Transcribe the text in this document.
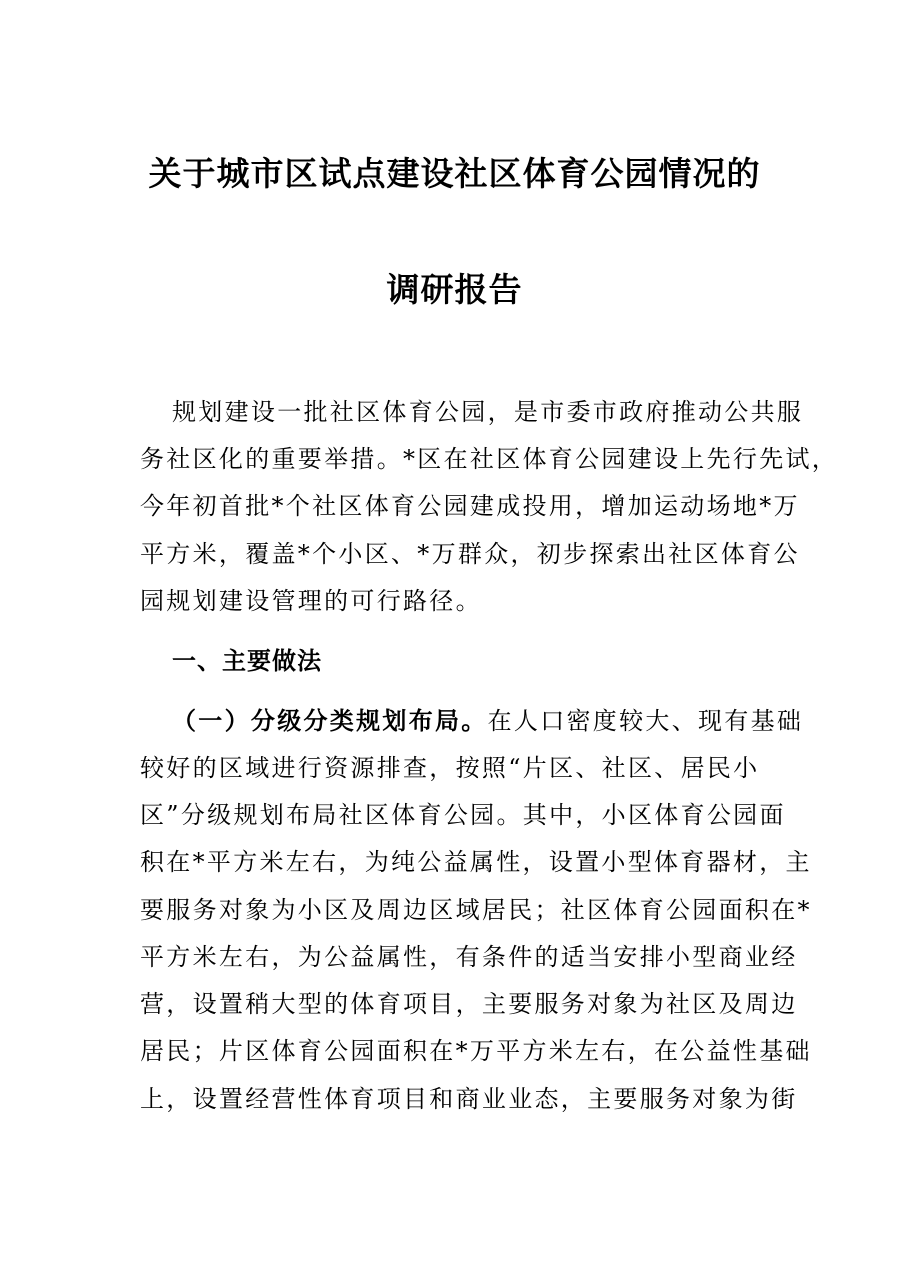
关于城市区试点建设社区体育公园情况的
调研报告
规划建设一批社区体育公园，是市委市政府推动公共服
务社区化的重要举措。*区在社区体育公园建设上先行先试，
今年初首批*个社区体育公园建成投用，增加运动场地*万
平方米，覆盖*个小区、*万群众，初步探索出社区体育公
园规划建设管理的可行路径。
一、主要做法
（一）分级分类规划布局。在人口密度较大、现有基础
较好的区域进行资源排查，按照“片区、社区、居民小
区”分级规划布局社区体育公园。其中，小区体育公园面
积在*平方米左右，为纯公益属性，设置小型体育器材，主
要服务对象为小区及周边区域居民；社区体育公园面积在*
平方米左右，为公益属性，有条件的适当安排小型商业经
营，设置稍大型的体育项目，主要服务对象为社区及周边
居民；片区体育公园面积在*万平方米左右，在公益性基础
上，设置经营性体育项目和商业业态，主要服务对象为街
